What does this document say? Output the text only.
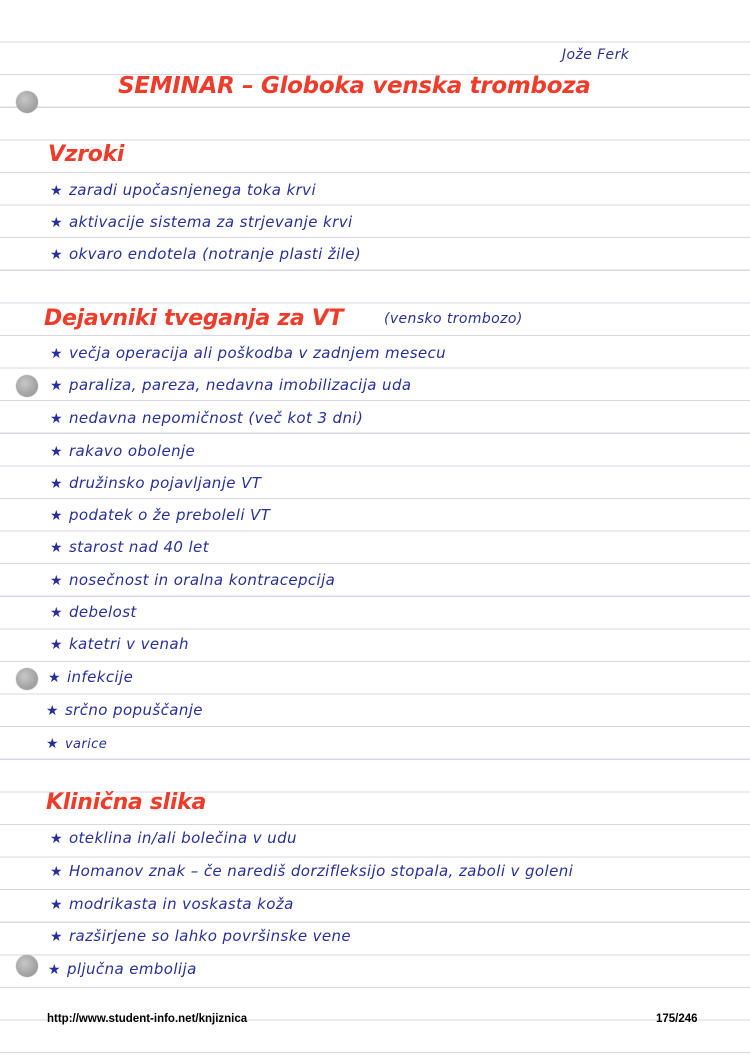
Jože Ferk
SEMINAR – Globoka venska tromboza
Vzroki
★ zaradi upočasnjenega toka krvi
★ aktivacije sistema za strjevanje krvi
★ okvaro endotela (notranje plasti žile)
Dejavniki tveganja za VT	(vensko trombozo)
★ večja operacija ali poškodba v zadnjem mesecu
★ paraliza, pareza, nedavna imobilizacija uda
★ nedavna nepomičnost (več kot 3 dni)
★ rakavo obolenje
★ družinsko pojavljanje VT
★ podatek o že preboleli VT
★ starost nad 40 let
★ nosečnost in oralna kontracepcija
★ debelost
★ katetri v venah
★ infekcije
★ srčno popuščanje
★ varice
Klinična slika
★ oteklina in/ali bolečina v udu
★ Homanov znak – če narediš dorzifleksijo stopala, zaboli v goleni
★ modrikasta in voskasta koža
★ razširjene so lahko površinske vene
★ pljučna embolija
http://www.student-info.net/knjiznica	175/246
